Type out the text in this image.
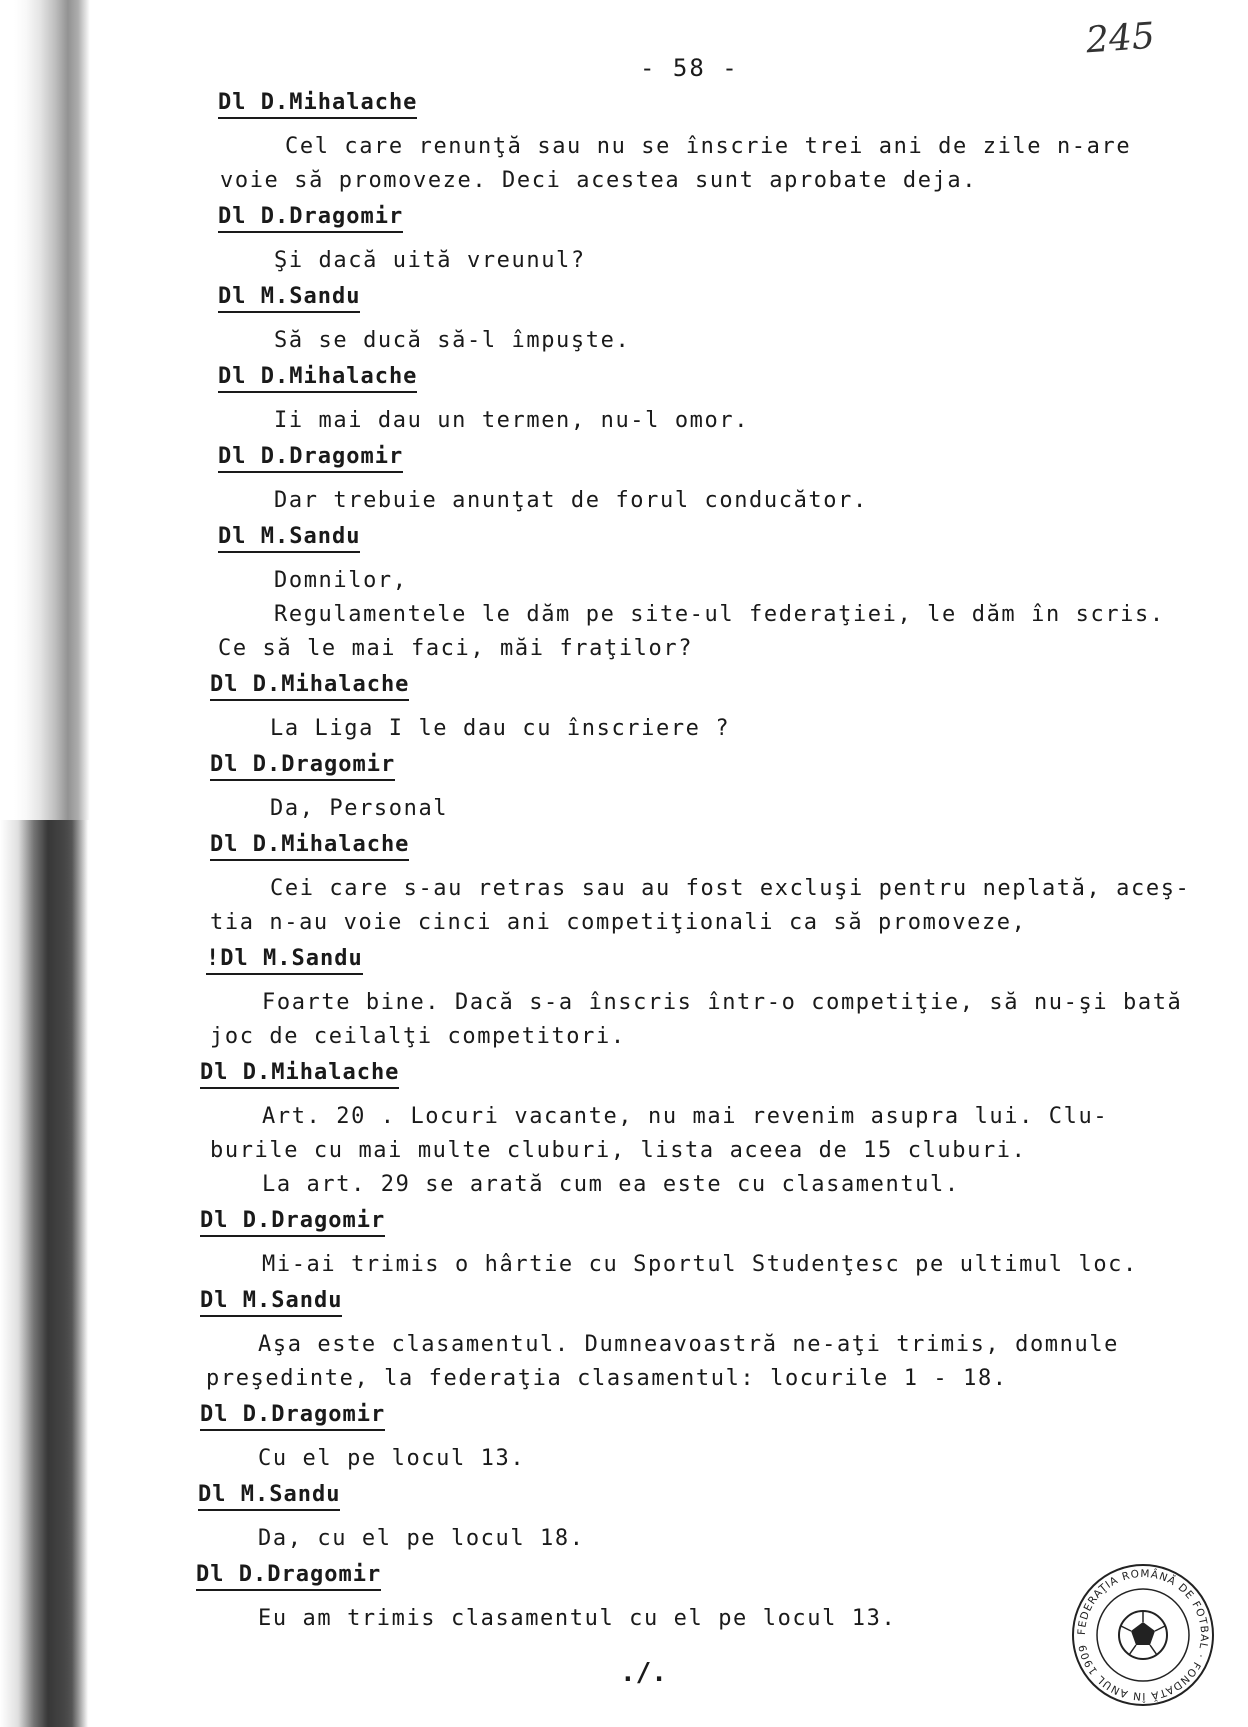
- 58 -
245
Dl D.Mihalache
Cel care renunţă sau nu se înscrie trei ani de zile n-are
voie să promoveze. Deci acestea sunt aprobate deja.
Dl D.Dragomir
Şi dacă uită vreunul?
Dl M.Sandu
Să se ducă să-l împuşte.
Dl D.Mihalache
Ii mai dau un termen, nu-l omor.
Dl D.Dragomir
Dar trebuie anunţat de forul conducător.
Dl M.Sandu
Domnilor,
Regulamentele le dăm pe site-ul federaţiei, le dăm în scris.
Ce să le mai faci, măi fraţilor?
Dl D.Mihalache
La Liga I le dau cu înscriere ?
Dl D.Dragomir
Da, Personal
Dl D.Mihalache
Cei care s-au retras sau au fost excluşi pentru neplată, aceş-
tia n-au voie cinci ani competiţionali ca să promoveze,
!Dl M.Sandu
Foarte bine. Dacă s-a înscris într-o competiţie, să nu-şi bată
joc de ceilalţi competitori.
Dl D.Mihalache
Art. 20 . Locuri vacante, nu mai revenim asupra lui. Clu-
burile cu mai multe cluburi, lista aceea de 15 cluburi.
La art. 29 se arată cum ea este cu clasamentul.
Dl D.Dragomir
Mi-ai trimis o hârtie cu Sportul Studenţesc pe ultimul loc.
Dl M.Sandu
Aşa este clasamentul. Dumneavoastră ne-aţi trimis, domnule
preşedinte, la federaţia clasamentul: locurile 1 - 18.
Dl D.Dragomir
Cu el pe locul 13.
Dl M.Sandu
Da, cu el pe locul 18.
Dl D.Dragomir
Eu am trimis clasamentul cu el pe locul 13.
./.
FEDERAŢIA ROMÂNĂ DE FOTBAL · FONDATĂ ÎN ANUL 1909
